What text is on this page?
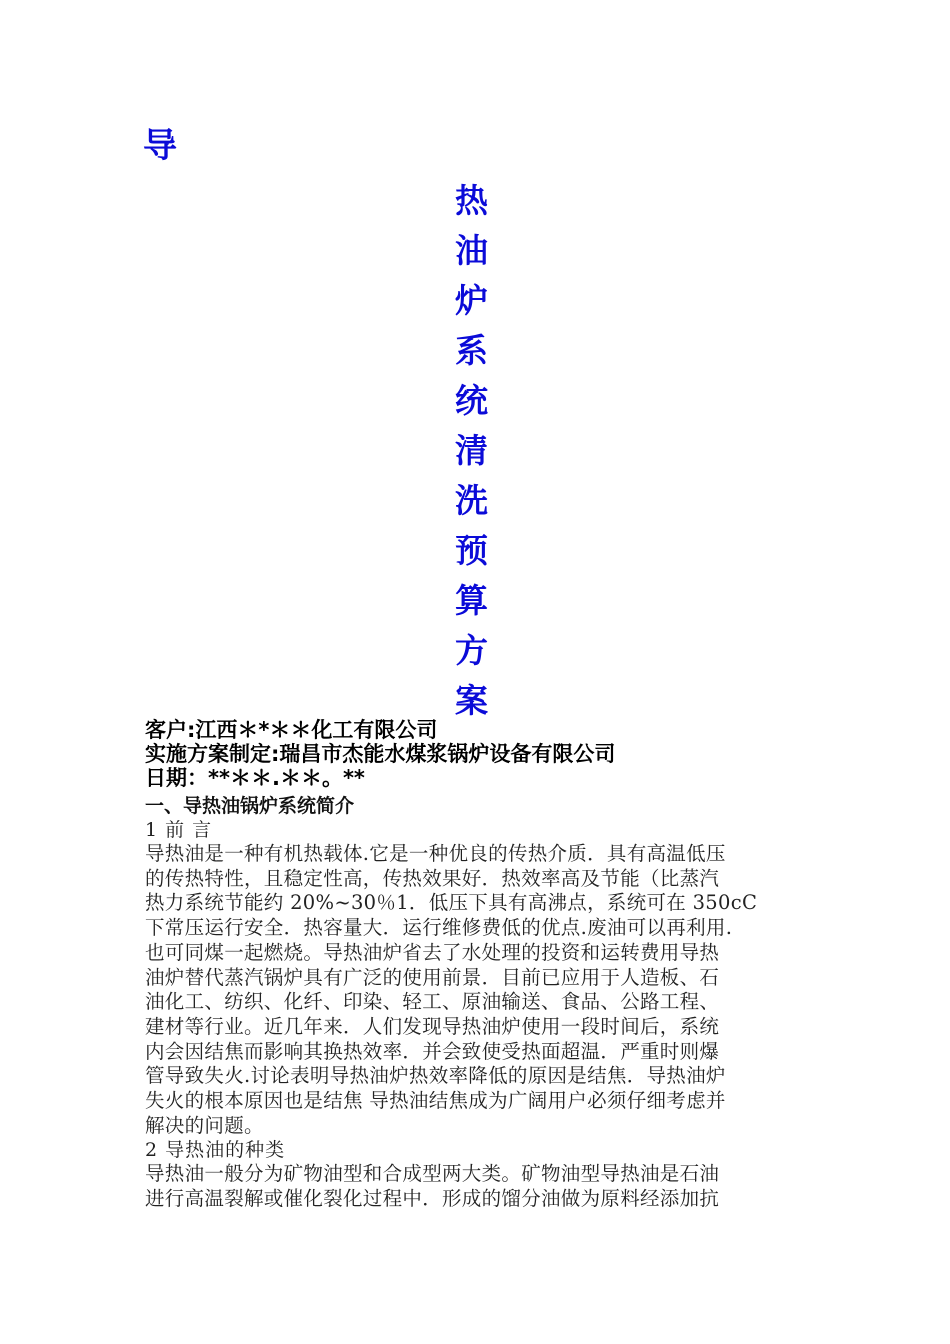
导
热
油
炉
系
统
清
洗
预
算
方
案
客户:江西＊*＊＊化工有限公司
实施方案制定:瑞昌市杰能水煤浆锅炉设备有限公司
日期：**＊＊.＊＊。**
一、导热油锅炉系统简介
1 前 言
导热油是一种有机热载体.它是一种优良的传热介质．具有高温低压
的传热特性，且稳定性高，传热效果好．热效率高及节能（比蒸汽
热力系统节能约 20%~30％1．低压下具有高沸点，系统可在 350cC
下常压运行安全．热容量大．运行维修费低的优点.废油可以再利用.
也可同煤一起燃烧。导热油炉省去了水处理的投资和运转费用导热
油炉替代蒸汽锅炉具有广泛的使用前景．目前已应用于人造板、石
油化工、纺织、化纤、印染、轻工、原油输送、食品、公路工程、
建材等行业。近几年来．人们发现导热油炉使用一段时间后，系统
内会因结焦而影响其换热效率．并会致使受热面超温．严重时则爆
管导致失火.讨论表明导热油炉热效率降低的原因是结焦．导热油炉
失火的根本原因也是结焦 导热油结焦成为广阔用户必须仔细考虑并
解决的问题。
2 导热油的种类
导热油一般分为矿物油型和合成型两大类。矿物油型导热油是石油
进行高温裂解或催化裂化过程中．形成的馏分油做为原料经添加抗
